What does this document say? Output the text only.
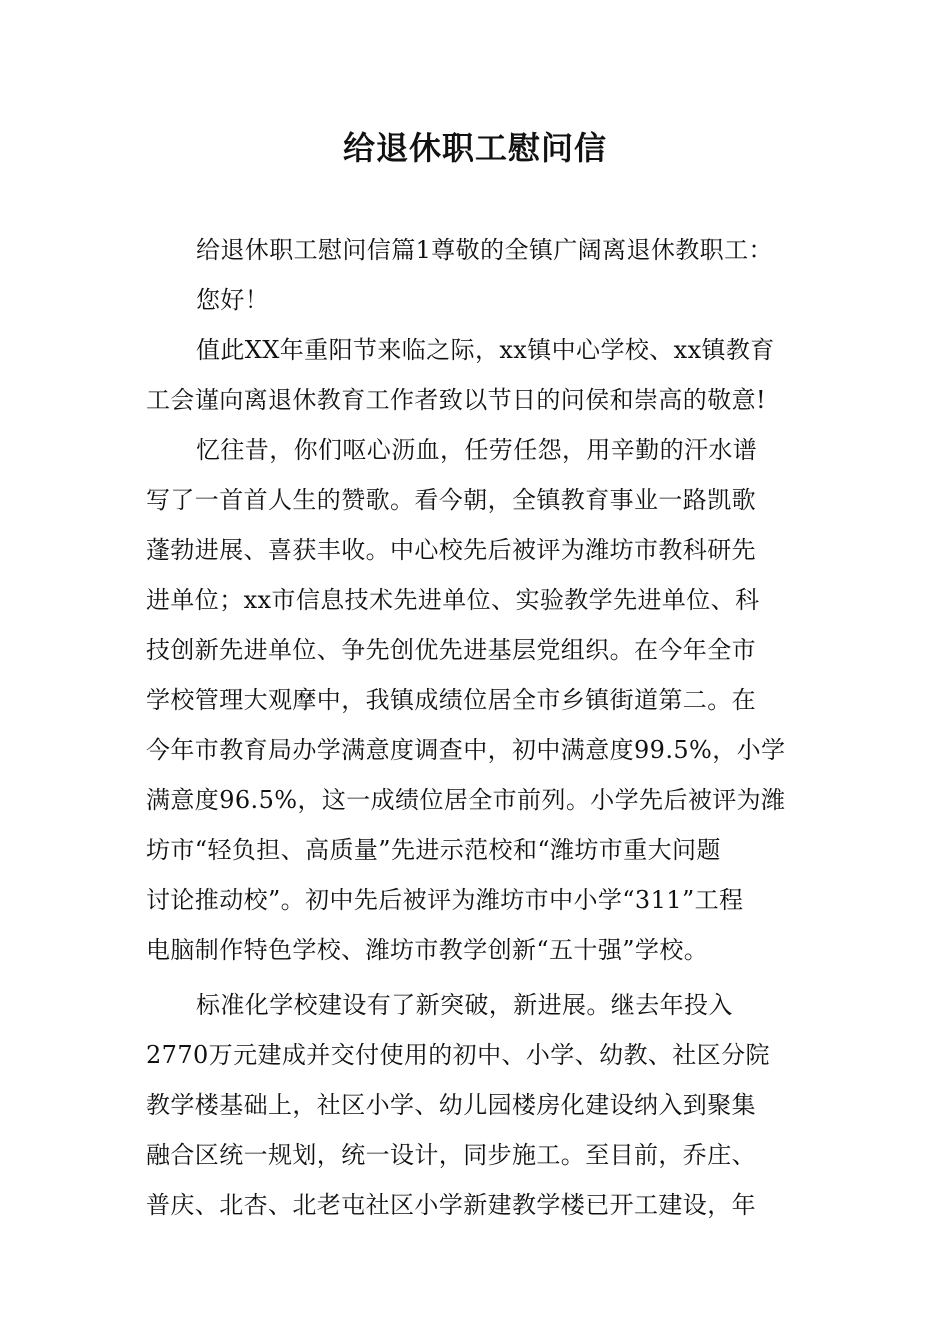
给退休职工慰问信
给退休职工慰问信篇1尊敬的全镇广阔离退休教职工：
您好！
值此XX年重阳节来临之际，xx镇中心学校、xx镇教育
工会谨向离退休教育工作者致以节日的问侯和崇高的敬意!
忆往昔，你们呕心沥血，任劳任怨，用辛勤的汗水谱
写了一首首人生的赞歌。看今朝，全镇教育事业一路凯歌
蓬勃进展、喜获丰收。中心校先后被评为潍坊市教科研先
进单位；xx市信息技术先进单位、实验教学先进单位、科
技创新先进单位、争先创优先进基层党组织。在今年全市
学校管理大观摩中，我镇成绩位居全市乡镇街道第二。在
今年市教育局办学满意度调查中，初中满意度99.5%，小学
满意度96.5%，这一成绩位居全市前列。小学先后被评为潍
坊市“轻负担、高质量”先进示范校和“潍坊市重大问题
讨论推动校”。初中先后被评为潍坊市中小学“311”工程
电脑制作特色学校、潍坊市教学创新“五十强”学校。
标准化学校建设有了新突破，新进展。继去年投入
2770万元建成并交付使用的初中、小学、幼教、社区分院
教学楼基础上，社区小学、幼儿园楼房化建设纳入到聚集
融合区统一规划，统一设计，同步施工。至目前，乔庄、
普庆、北杏、北老屯社区小学新建教学楼已开工建设，年
